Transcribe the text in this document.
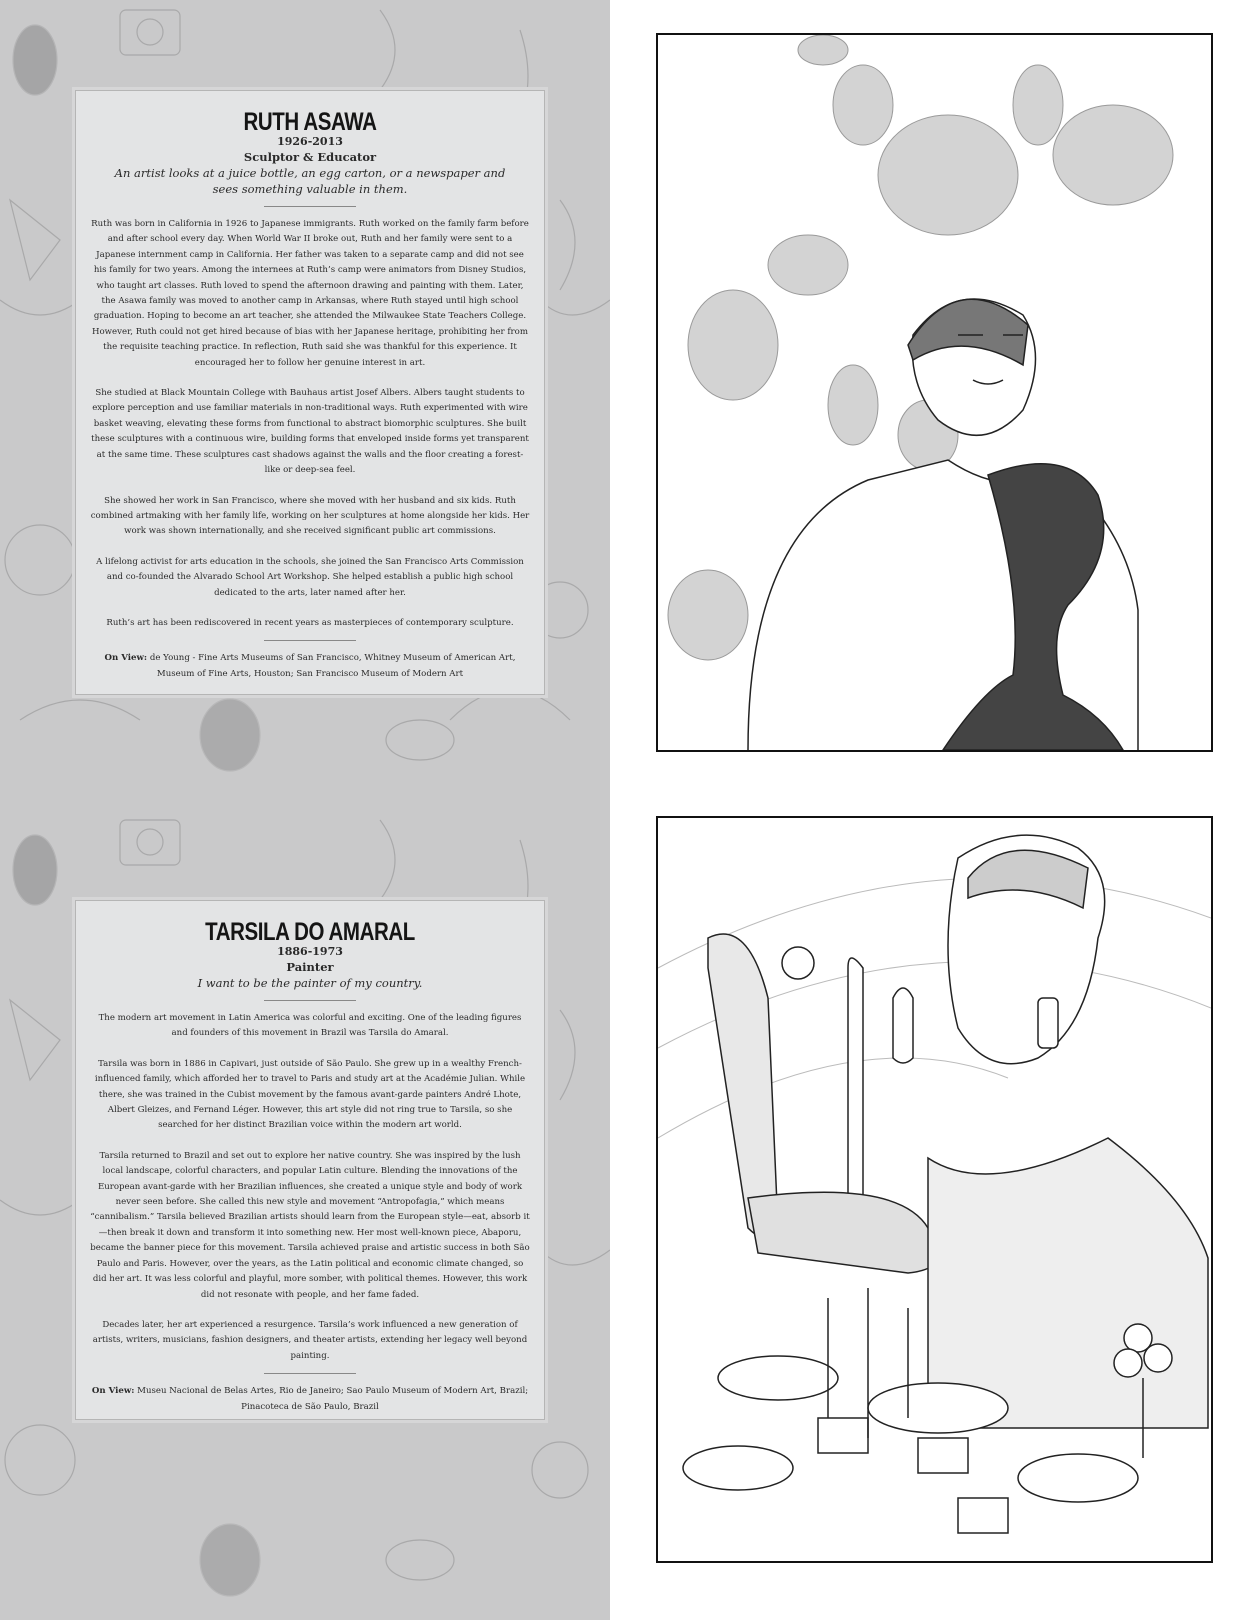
RUTH ASAWA
1926-2013
Sculptor & Educator
An artist looks at a juice bottle, an egg carton, or a newspaper and sees something valuable in them.

Ruth was born in California in 1926 to Japanese immigrants. Ruth worked on the family farm before and after school every day. When World War II broke out, Ruth and her family were sent to a Japanese internment camp in California. Her father was taken to a separate camp and did not see his family for two years. Among the internees at Ruth’s camp were animators from Disney Studios, who taught art classes. Ruth loved to spend the afternoon drawing and painting with them. Later, the Asawa family was moved to another camp in Arkansas, where Ruth stayed until high school graduation. Hoping to become an art teacher, she attended the Milwaukee State Teachers College. However, Ruth could not get hired because of bias with her Japanese heritage, prohibiting her from the requisite teaching practice. In reflection, Ruth said she was thankful for this experience. It encouraged her to follow her genuine interest in art.

She studied at Black Mountain College with Bauhaus artist Josef Albers. Albers taught students to explore perception and use familiar materials in non-traditional ways. Ruth experimented with wire basket weaving, elevating these forms from functional to abstract biomorphic sculptures. She built these sculptures with a continuous wire, building forms that enveloped inside forms yet transparent at the same time. These sculptures cast shadows against the walls and the floor creating a forest-like or deep-sea feel.

She showed her work in San Francisco, where she moved with her husband and six kids. Ruth combined artmaking with her family life, working on her sculptures at home alongside her kids. Her work was shown internationally, and she received significant public art commissions.

A lifelong activist for arts education in the schools, she joined the San Francisco Arts Commission and co-founded the Alvarado School Art Workshop. She helped establish a public high school dedicated to the arts, later named after her.

Ruth’s art has been rediscovered in recent years as masterpieces of contemporary sculpture.

On View: de Young - Fine Arts Museums of San Francisco, Whitney Museum of American Art, Museum of Fine Arts, Houston; San Francisco Museum of Modern Art
TARSILA DO AMARAL
1886-1973
Painter
I want to be the painter of my country.

The modern art movement in Latin America was colorful and exciting. One of the leading figures and founders of this movement in Brazil was Tarsila do Amaral.

Tarsila was born in 1886 in Capivari, just outside of São Paulo. She grew up in a wealthy French-influenced family, which afforded her to travel to Paris and study art at the Académie Julian. While there, she was trained in the Cubist movement by the famous avant-garde painters André Lhote, Albert Gleizes, and Fernand Léger. However, this art style did not ring true to Tarsila, so she searched for her distinct Brazilian voice within the modern art world.

Tarsila returned to Brazil and set out to explore her native country. She was inspired by the lush local landscape, colorful characters, and popular Latin culture. Blending the innovations of the European avant-garde with her Brazilian influences, she created a unique style and body of work never seen before. She called this new style and movement “Antropofagia,” which means “cannibalism.” Tarsila believed Brazilian artists should learn from the European style—eat, absorb it—then break it down and transform it into something new. Her most well-known piece, Abaporu, became the banner piece for this movement. Tarsila achieved praise and artistic success in both São Paulo and Paris. However, over the years, as the Latin political and economic climate changed, so did her art. It was less colorful and playful, more somber, with political themes. However, this work did not resonate with people, and her fame faded.

Decades later, her art experienced a resurgence. Tarsila’s work influenced a new generation of artists, writers, musicians, fashion designers, and theater artists, extending her legacy well beyond painting.

On View: Museu Nacional de Belas Artes, Rio de Janeiro; Sao Paulo Museum of Modern Art, Brazil; Pinacoteca de São Paulo, Brazil
